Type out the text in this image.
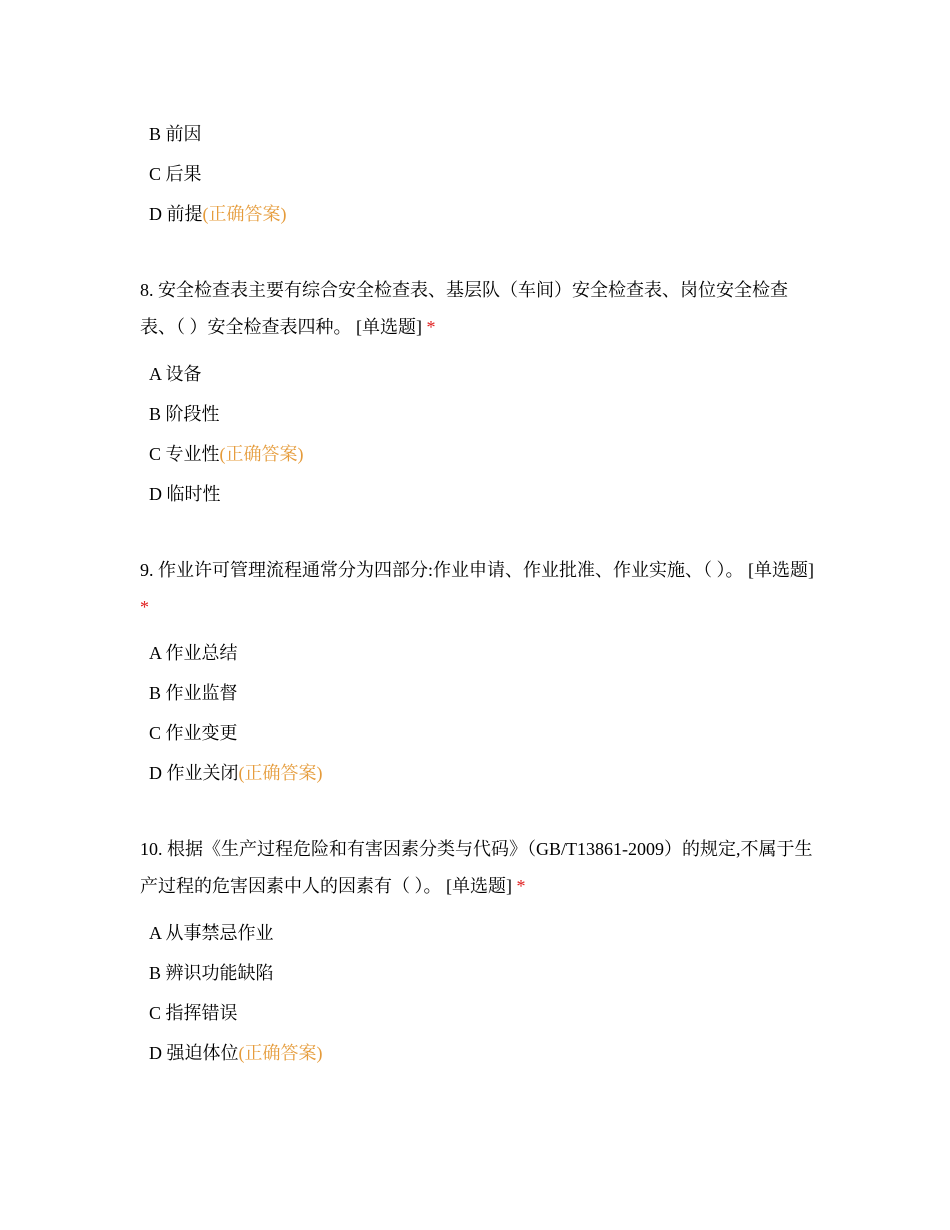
B 前因
C 后果
D 前提(正确答案)
8. 安全检查表主要有综合安全检查表、基层队（车间）安全检查表、岗位安全检查表、（ ）安全检查表四种。 [单选题] *
A 设备
B 阶段性
C 专业性(正确答案)
D 临时性
9. 作业许可管理流程通常分为四部分:作业申请、作业批准、作业实施、（ ）。 [单选题] *
A 作业总结
B 作业监督
C 作业变更
D 作业关闭(正确答案)
10. 根据《生产过程危险和有害因素分类与代码》（GB/T13861-2009）的规定,不属于生产过程的危害因素中人的因素有（ ）。 [单选题] *
A 从事禁忌作业
B 辨识功能缺陷
C 指挥错误
D 强迫体位(正确答案)
